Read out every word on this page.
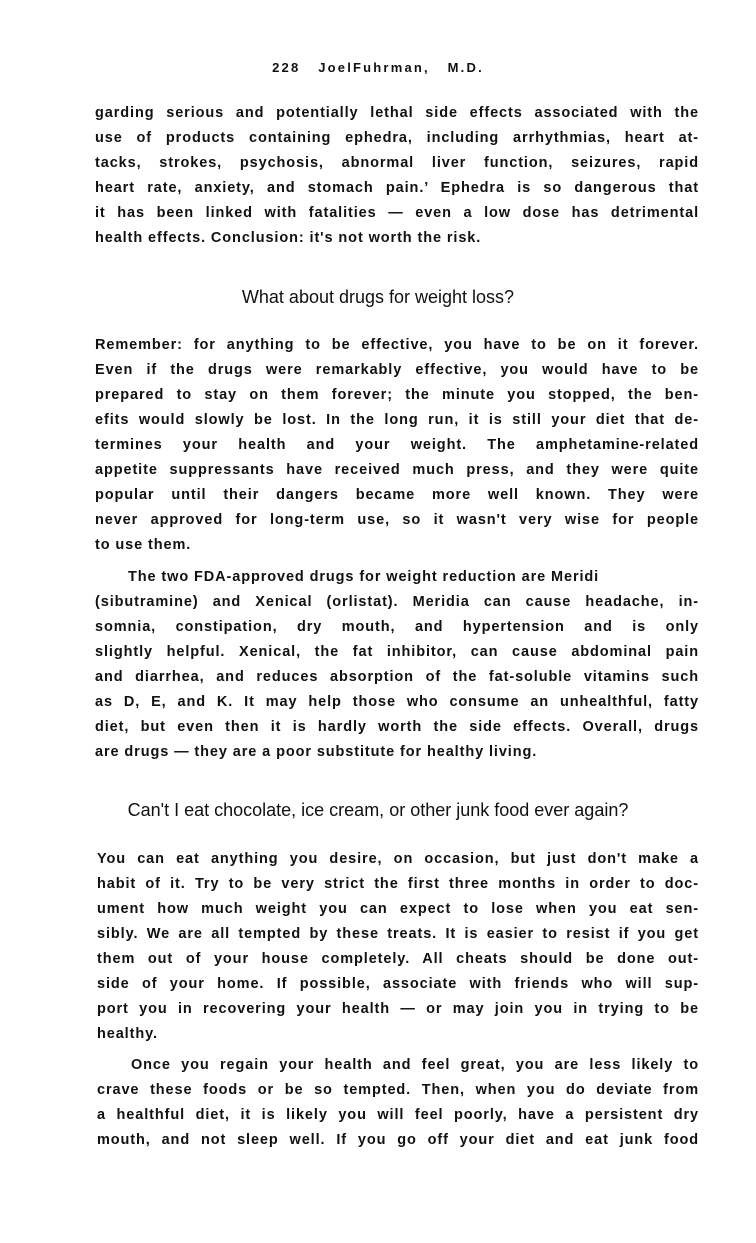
228 JoelFuhrman, M.D.
garding serious and potentially lethal side effects associated with the
use of products containing ephedra, including arrhythmias, heart at-
tacks, strokes, psychosis, abnormal liver function, seizures, rapid
heart rate, anxiety, and stomach pain.’ Ephedra is so dangerous that
it has been linked with fatalities — even a low dose has detrimental
health effects. Conclusion: it's not worth the risk.
What about drugs for weight loss?
Remember: for anything to be effective, you have to be on it forever.
Even if the drugs were remarkably effective, you would have to be
prepared to stay on them forever; the minute you stopped, the ben-
efits would slowly be lost. In the long run, it is still your diet that de-
termines your health and your weight. The amphetamine-related
appetite suppressants have received much press, and they were quite
popular until their dangers became more well known. They were
never approved for long-term use, so it wasn't very wise for people
to use them.
The two FDA-approved drugs for weight reduction are Meridi
(sibutramine) and Xenical (orlistat). Meridia can cause headache, in-
somnia, constipation, dry mouth, and hypertension and is only
slightly helpful. Xenical, the fat inhibitor, can cause abdominal pain
and diarrhea, and reduces absorption of the fat-soluble vitamins such
as D, E, and K. It may help those who consume an unhealthful, fatty
diet, but even then it is hardly worth the side effects. Overall, drugs
are drugs — they are a poor substitute for healthy living.
Can't I eat chocolate, ice cream, or other junk food ever again?
You can eat anything you desire, on occasion, but just don't make a
habit of it. Try to be very strict the first three months in order to doc-
ument how much weight you can expect to lose when you eat sen-
sibly. We are all tempted by these treats. It is easier to resist if you get
them out of your house completely. All cheats should be done out-
side of your home. If possible, associate with friends who will sup-
port you in recovering your health — or may join you in trying to be
healthy.
Once you regain your health and feel great, you are less likely to
crave these foods or be so tempted. Then, when you do deviate from
a healthful diet, it is likely you will feel poorly, have a persistent dry
mouth, and not sleep well. If you go off your diet and eat junk food
